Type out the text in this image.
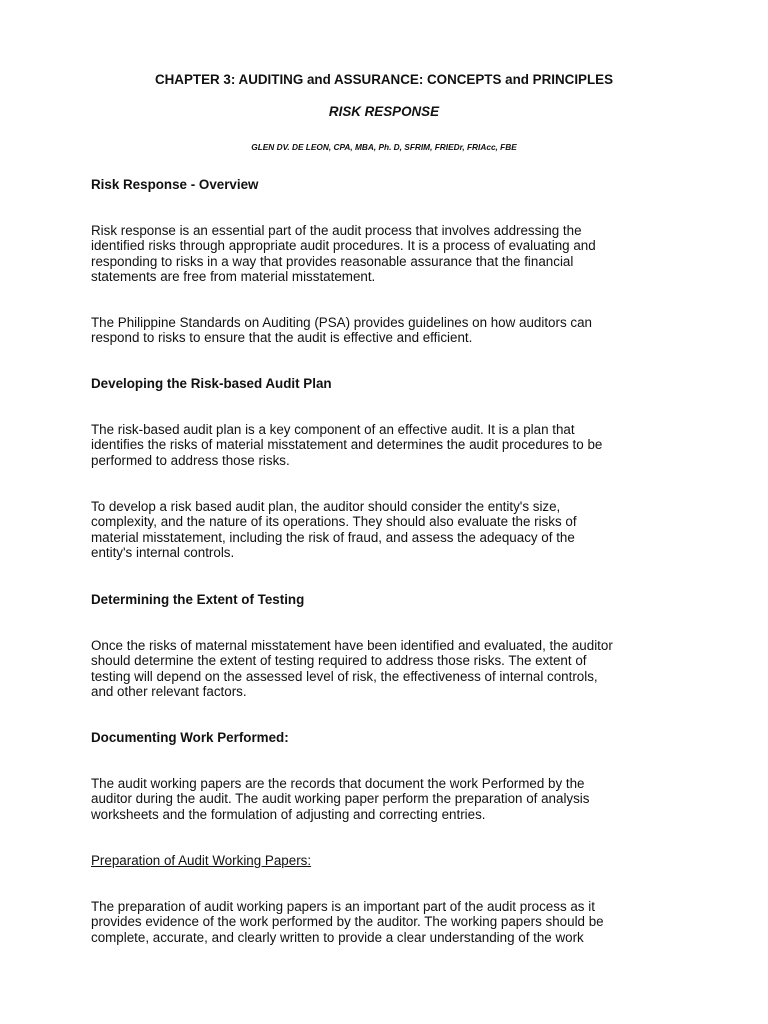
CHAPTER 3: AUDITING and ASSURANCE: CONCEPTS and PRINCIPLES
RISK RESPONSE
GLEN DV. DE LEON, CPA, MBA, Ph. D, SFRIM, FRIEDr, FRIAcc, FBE
Risk Response - Overview
Risk response is an essential part of the audit process that involves addressing the
identified risks through appropriate audit procedures. It is a process of evaluating and
responding to risks in a way that provides reasonable assurance that the financial
statements are free from material misstatement.
The Philippine Standards on Auditing (PSA) provides guidelines on how auditors can
respond to risks to ensure that the audit is effective and efficient.
Developing the Risk-based Audit Plan
The risk-based audit plan is a key component of an effective audit. It is a plan that
identifies the risks of material misstatement and determines the audit procedures to be
performed to address those risks.
To develop a risk based audit plan, the auditor should consider the entity's size,
complexity, and the nature of its operations. They should also evaluate the risks of
material misstatement, including the risk of fraud, and assess the adequacy of the
entity's internal controls.
Determining the Extent of Testing
Once the risks of maternal misstatement have been identified and evaluated, the auditor
should determine the extent of testing required to address those risks. The extent of
testing will depend on the assessed level of risk, the effectiveness of internal controls,
and other relevant factors.
Documenting Work Performed:
The audit working papers are the records that document the work Performed by the
auditor during the audit. The audit working paper perform the preparation of analysis
worksheets and the formulation of adjusting and correcting entries.
Preparation of Audit Working Papers:
The preparation of audit working papers is an important part of the audit process as it
provides evidence of the work performed by the auditor. The working papers should be
complete, accurate, and clearly written to provide a clear understanding of the work
